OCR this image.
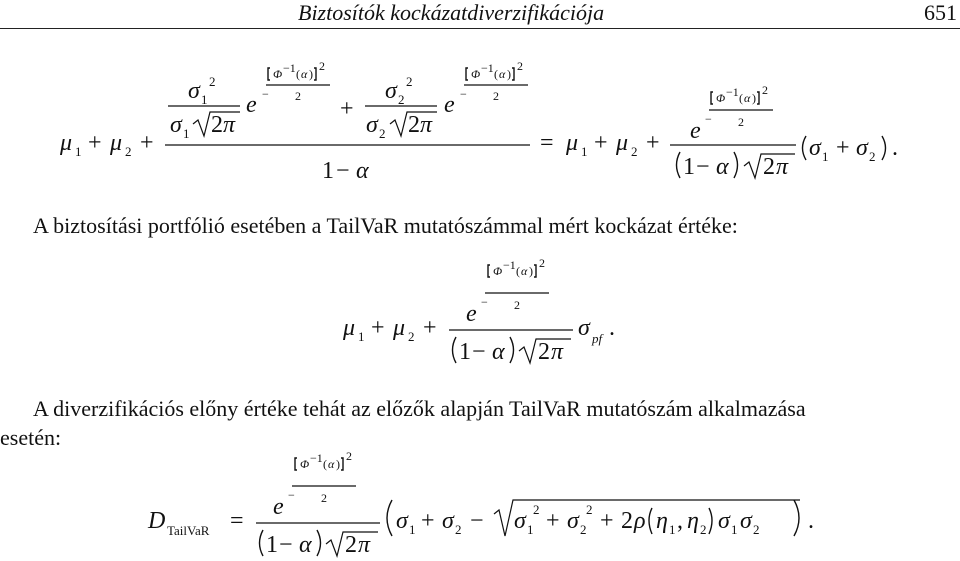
Biztosítók kockázatdiverzifikációja	651
μ 1 + μ 2 +
σ 1
2
σ 1 2 π
e −
Φ −1 ( α )
2
2 +
σ 2
2
σ 2 2 π
e −
Φ −1 ( α )
2
2
1 − α
= μ 1 + μ 2 + e −
Φ −1 ( α )
2
2
1 − α 2 π
σ 1 + σ 2 .
A biztosítási portfólió esetében a TailVaR mutatószámmal mért kockázat értéke:
μ 1 + μ 2 +
e −
Φ −1 ( α )
2
2
1 − α 2 π
σ pf .
A diverzifikációs előny értéke tehát az előzők alapján TailVaR mutatószám alkalmazása
esetén:
D TailVaR =
e −
Φ −1 ( α )
2
2
1 − α 2 π
σ 1 + σ 2 − σ 1
2 + σ 2
2 + 2 ρ η 1 , η 2 σ 1 σ 2 .
